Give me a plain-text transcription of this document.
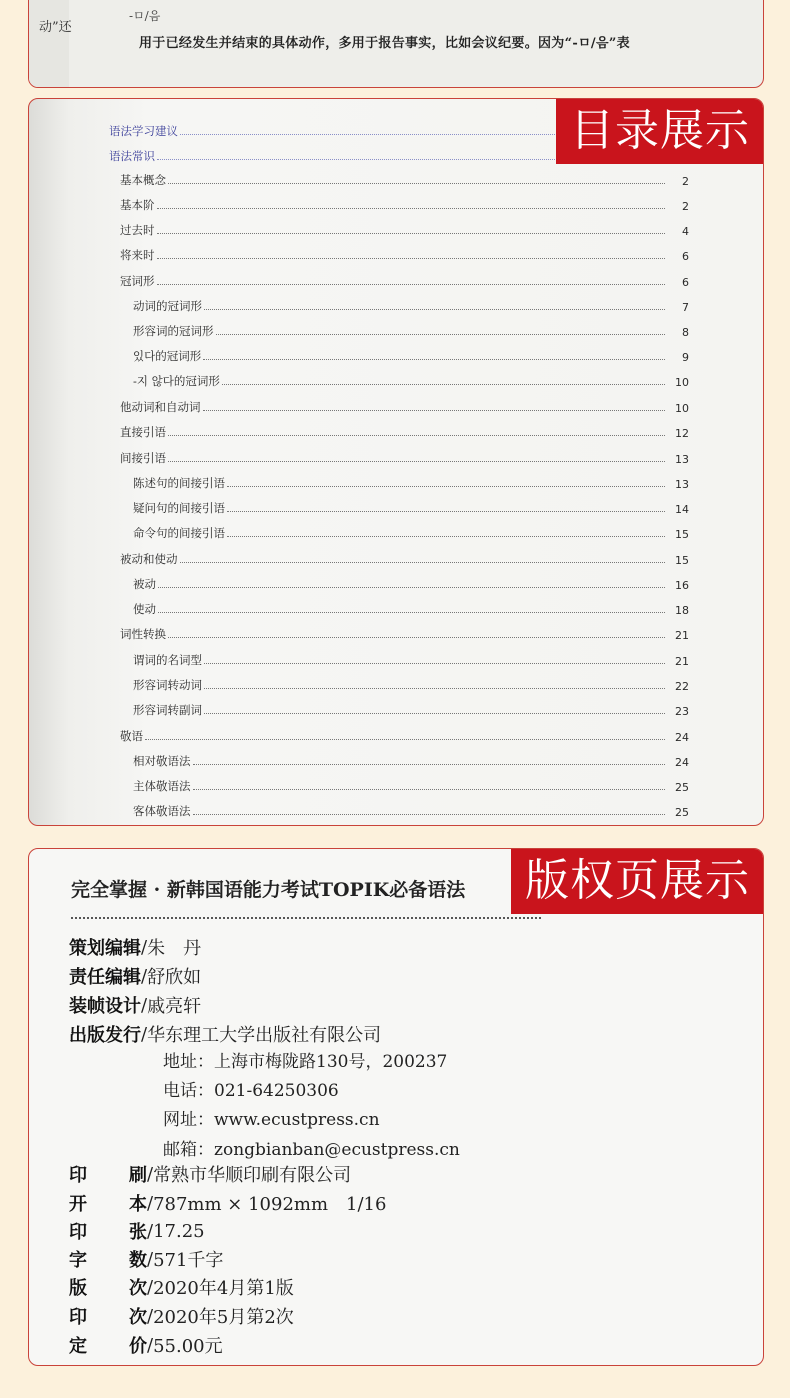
动”还
-ㅁ/음
用于已经发生并结束的具体动作，多用于报告事实，比如会议纪要。因为“-ㅁ/음”表
语法学习建议
语法常识
基本概念	2
基本阶	2
过去时	4
将来时	6
冠词形	6
动词的冠词形	7
形容词的冠词形	8
있다的冠词形	9
-지 않다的冠词形	10
他动词和自动词	10
直接引语	12
间接引语	13
陈述句的间接引语	13
疑问句的间接引语	14
命令句的间接引语	15
被动和使动	15
被动	16
使动	18
词性转换	21
谓词的名词型	21
形容词转动词	22
形容词转副词	23
敬语	24
相对敬语法	24
主体敬语法	25
客体敬语法	25
目录展示
完全掌握 · 新韩国语能力考试TOPIK必备语法
策划编辑 / 朱　丹
责任编辑 / 舒欣如
装帧设计 / 戚亮轩
出版发行 / 华东理工大学出版社有限公司
地址：上海市梅陇路130号，200237
电话：021-64250306
网址：www.ecustpress.cn
邮箱：zongbianban@ecustpress.cn
印 刷 / 常熟市华顺印刷有限公司
开 本 / 787mm × 1092mm　1/16
印 张 / 17.25
字 数 / 571千字
版 次 / 2020年4月第1版
印 次 / 2020年5月第2次
定 价 / 55.00元
版权页展示
